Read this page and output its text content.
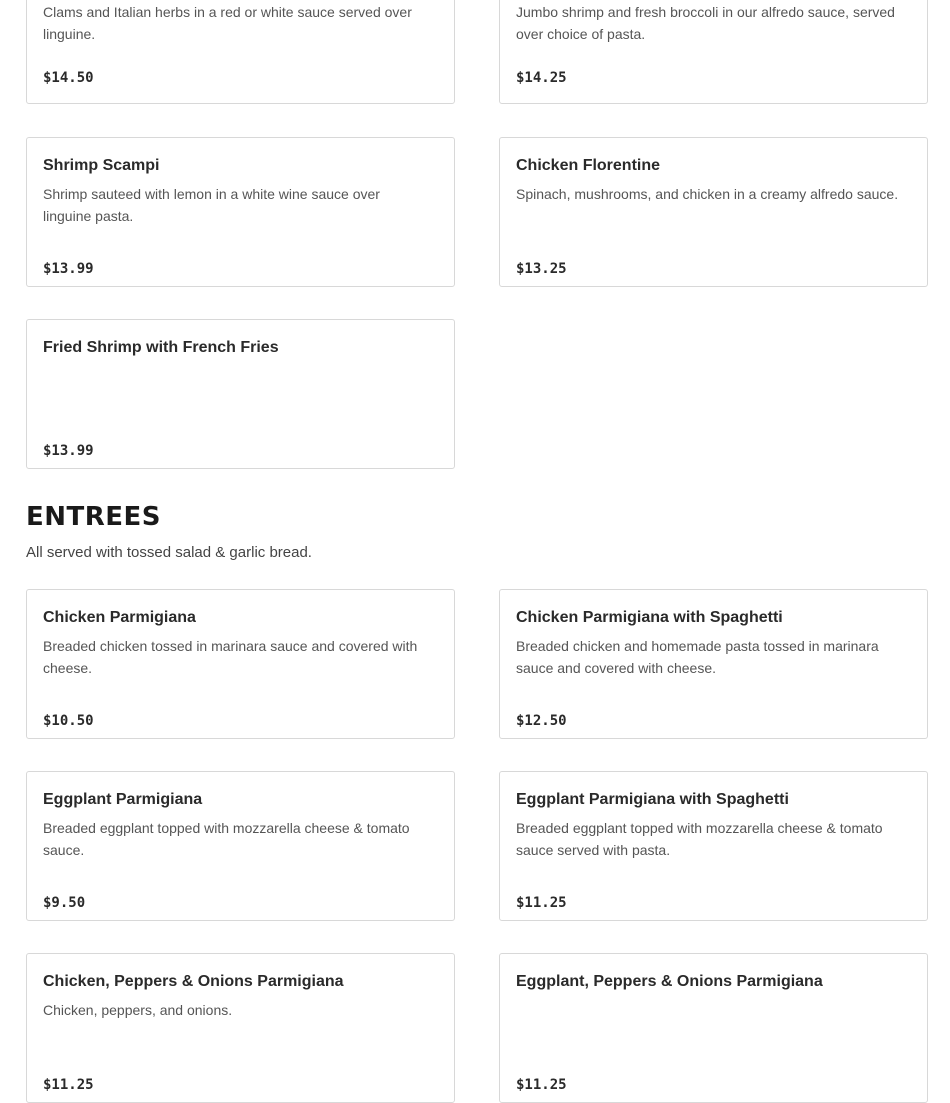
Clams and Italian herbs in a red or white sauce served over linguine.
$14.50
Jumbo shrimp and fresh broccoli in our alfredo sauce, served over choice of pasta.
$14.25
Shrimp Scampi
Shrimp sauteed with lemon in a white wine sauce over linguine pasta.
$13.99
Chicken Florentine
Spinach, mushrooms, and chicken in a creamy alfredo sauce.
$13.25
Fried Shrimp with French Fries
$13.99
ENTREES
All served with tossed salad & garlic bread.
Chicken Parmigiana
Breaded chicken tossed in marinara sauce and covered with cheese.
$10.50
Chicken Parmigiana with Spaghetti
Breaded chicken and homemade pasta tossed in marinara sauce and covered with cheese.
$12.50
Eggplant Parmigiana
Breaded eggplant topped with mozzarella cheese & tomato sauce.
$9.50
Eggplant Parmigiana with Spaghetti
Breaded eggplant topped with mozzarella cheese & tomato sauce served with pasta.
$11.25
Chicken, Peppers & Onions Parmigiana
Chicken, peppers, and onions.
$11.25
Eggplant, Peppers & Onions Parmigiana
$11.25
